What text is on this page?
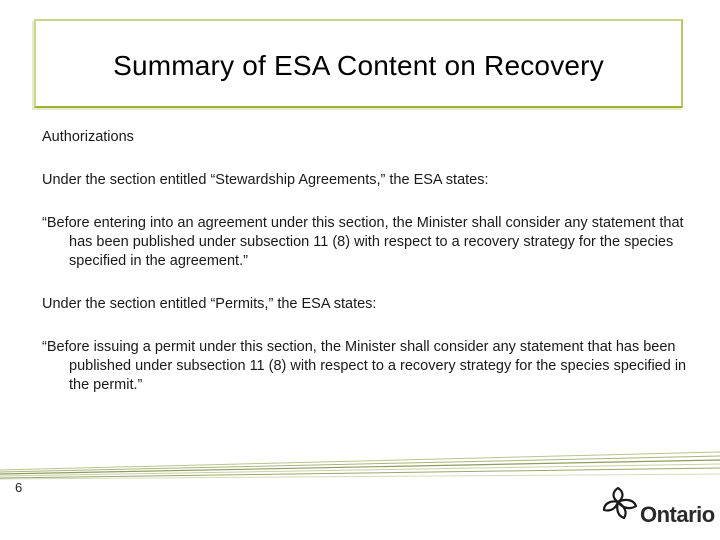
Summary of ESA Content on Recovery

Authorizations

Under the section entitled “Stewardship Agreements,” the ESA states:

“Before entering into an agreement under this section, the Minister shall consider any statement that has been published under subsection 11 (8) with respect to a recovery strategy for the species specified in the agreement.”

Under the section entitled “Permits,” the ESA states:

“Before issuing a permit under this section, the Minister shall consider any statement that has been published under subsection 11 (8) with respect to a recovery strategy for the species specified in the permit.”

6
Ontario
